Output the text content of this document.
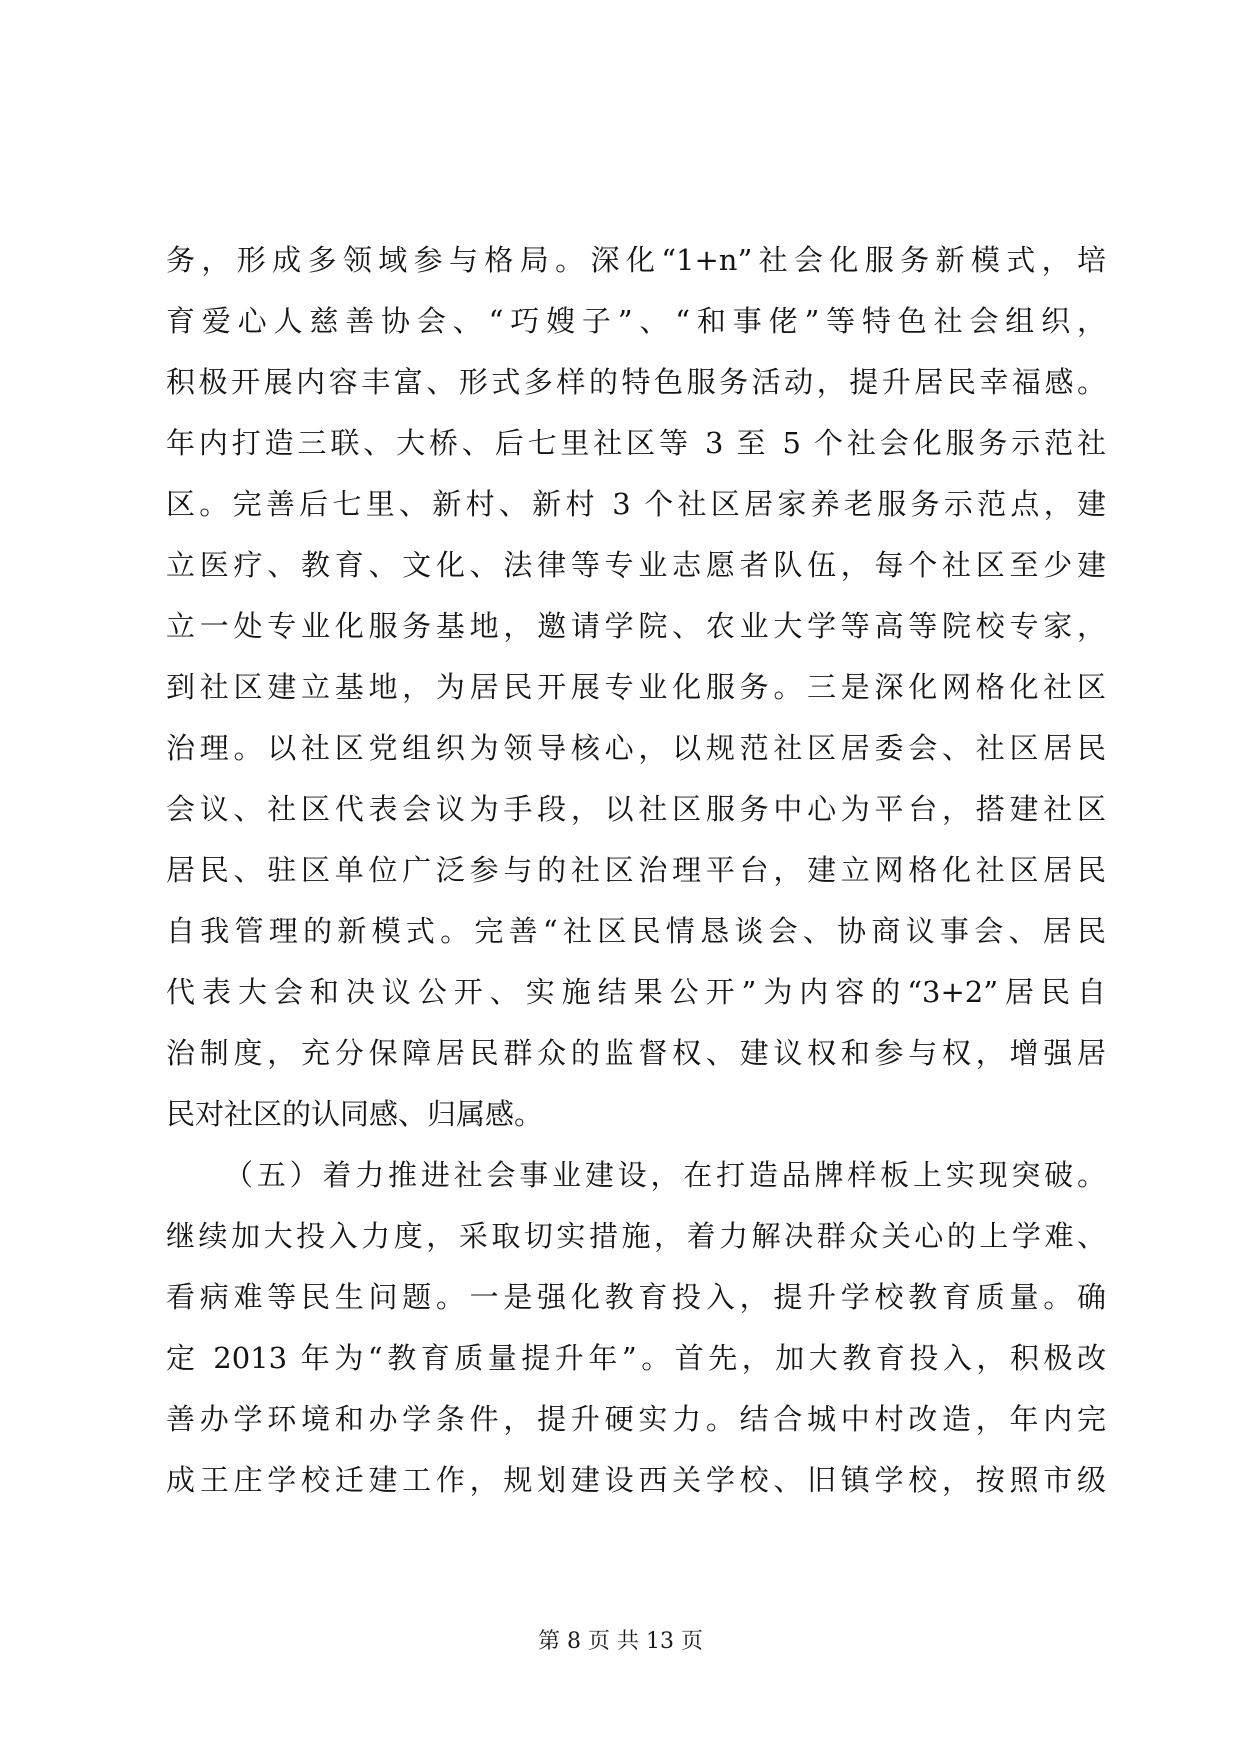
务，形成多领域参与格局。深化“1+n”社会化服务新模式，培
育爱心人慈善协会、“巧嫂子”、“和事佬”等特色社会组织，
积极开展内容丰富、形式多样的特色服务活动，提升居民幸福感。
年内打造三联、大桥、后七里社区等 3 至 5 个社会化服务示范社
区。完善后七里、新村、新村 3 个社区居家养老服务示范点，建
立医疗、教育、文化、法律等专业志愿者队伍，每个社区至少建
立一处专业化服务基地，邀请学院、农业大学等高等院校专家，
到社区建立基地，为居民开展专业化服务。三是深化网格化社区
治理。以社区党组织为领导核心，以规范社区居委会、社区居民
会议、社区代表会议为手段，以社区服务中心为平台，搭建社区
居民、驻区单位广泛参与的社区治理平台，建立网格化社区居民
自我管理的新模式。完善“社区民情恳谈会、协商议事会、居民
代表大会和决议公开、实施结果公开”为内容的“3+2”居民自
治制度，充分保障居民群众的监督权、建议权和参与权，增强居
民对社区的认同感、归属感。
（五）着力推进社会事业建设，在打造品牌样板上实现突破。
继续加大投入力度，采取切实措施，着力解决群众关心的上学难、
看病难等民生问题。一是强化教育投入，提升学校教育质量。确
定 2013 年为“教育质量提升年”。首先，加大教育投入，积极改
善办学环境和办学条件，提升硬实力。结合城中村改造，年内完
成王庄学校迁建工作，规划建设西关学校、旧镇学校，按照市级
第 8 页 共 13 页
